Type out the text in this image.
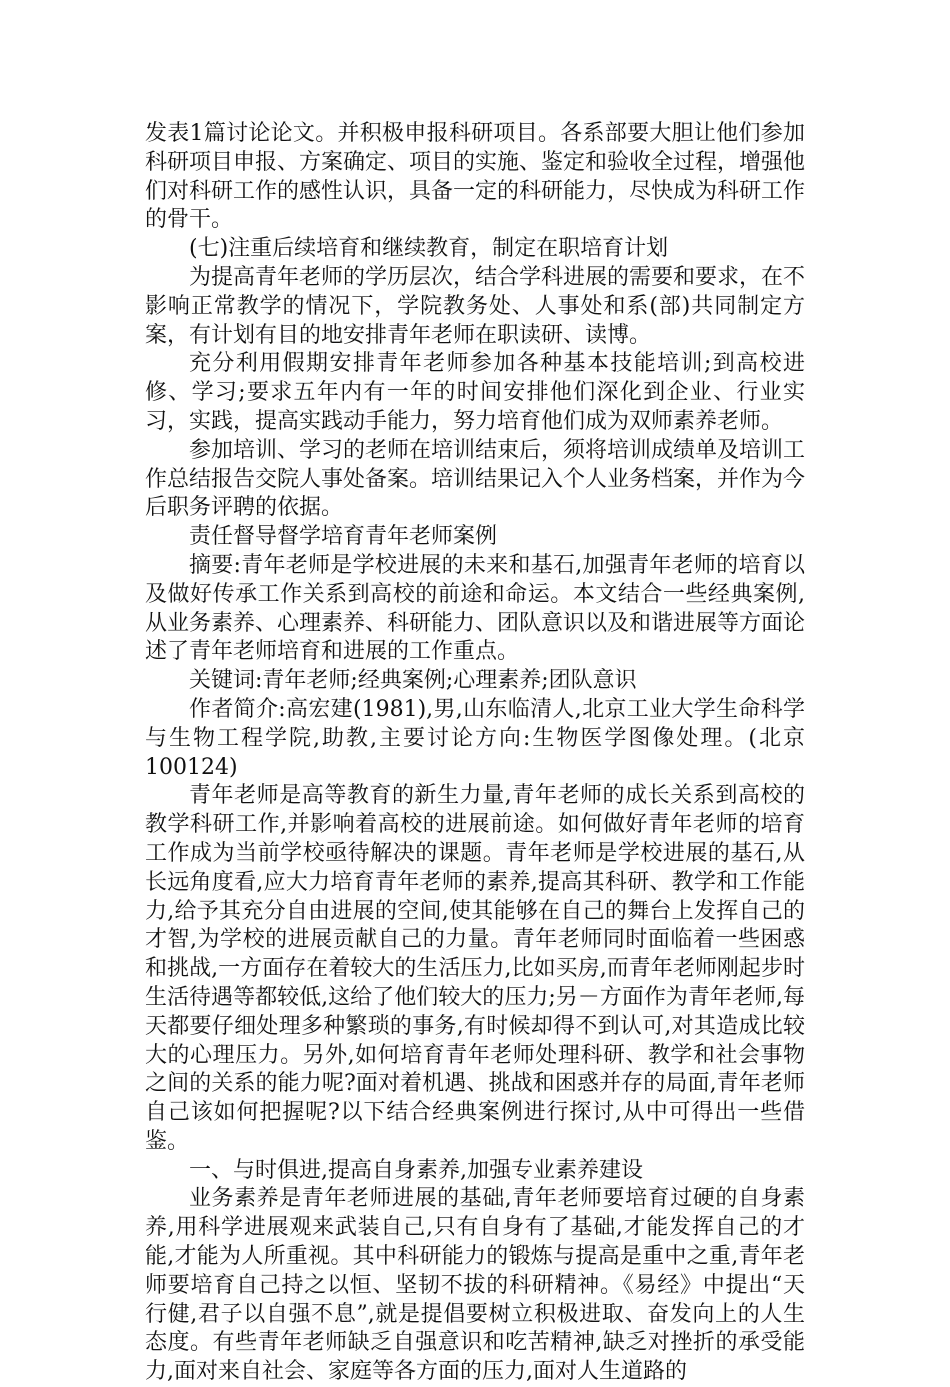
发表1篇讨论论文。并积极申报科研项目。各系部要大胆让他们参加科研项目申报、方案确定、项目的实施、鉴定和验收全过程，增强他们对科研工作的感性认识，具备一定的科研能力，尽快成为科研工作的骨干。

(七)注重后续培育和继续教育，制定在职培育计划

为提高青年老师的学历层次，结合学科进展的需要和要求，在不影响正常教学的情况下，学院教务处、人事处和系(部)共同制定方案，有计划有目的地安排青年老师在职读研、读博。

充分利用假期安排青年老师参加各种基本技能培训;到高校进修、学习;要求五年内有一年的时间安排他们深化到企业、行业实习，实践，提高实践动手能力，努力培育他们成为双师素养老师。

参加培训、学习的老师在培训结束后，须将培训成绩单及培训工作总结报告交院人事处备案。培训结果记入个人业务档案，并作为今后职务评聘的依据。

责任督导督学培育青年老师案例

摘要:青年老师是学校进展的未来和基石,加强青年老师的培育以及做好传承工作关系到高校的前途和命运。本文结合一些经典案例,从业务素养、心理素养、科研能力、团队意识以及和谐进展等方面论述了青年老师培育和进展的工作重点。

关键词:青年老师;经典案例;心理素养;团队意识

作者简介:高宏建(1981),男,山东临清人,北京工业大学生命科学与生物工程学院,助教,主要讨论方向:生物医学图像处理。(北京100124)

青年老师是高等教育的新生力量,青年老师的成长关系到高校的教学科研工作,并影响着高校的进展前途。如何做好青年老师的培育工作成为当前学校亟待解决的课题。青年老师是学校进展的基石,从长远角度看,应大力培育青年老师的素养,提高其科研、教学和工作能力,给予其充分自由进展的空间,使其能够在自己的舞台上发挥自己的才智,为学校的进展贡献自己的力量。青年老师同时面临着一些困惑和挑战,一方面存在着较大的生活压力,比如买房,而青年老师刚起步时生活待遇等都较低,这给了他们较大的压力;另－方面作为青年老师,每天都要仔细处理多种繁琐的事务,有时候却得不到认可,对其造成比较大的心理压力。另外,如何培育青年老师处理科研、教学和社会事物之间的关系的能力呢?面对着机遇、挑战和困惑并存的局面,青年老师自己该如何把握呢?以下结合经典案例进行探讨,从中可得出一些借鉴。

一、与时俱进,提高自身素养,加强专业素养建设

业务素养是青年老师进展的基础,青年老师要培育过硬的自身素养,用科学进展观来武装自己,只有自身有了基础,才能发挥自己的才能,才能为人所重视。其中科研能力的锻炼与提高是重中之重,青年老师要培育自己持之以恒、坚韧不拔的科研精神。《易经》中提出“天行健,君子以自强不息”,就是提倡要树立积极进取、奋发向上的人生态度。有些青年老师缺乏自强意识和吃苦精神,缺乏对挫折的承受能力,面对来自社会、家庭等各方面的压力,面对人生道路的
